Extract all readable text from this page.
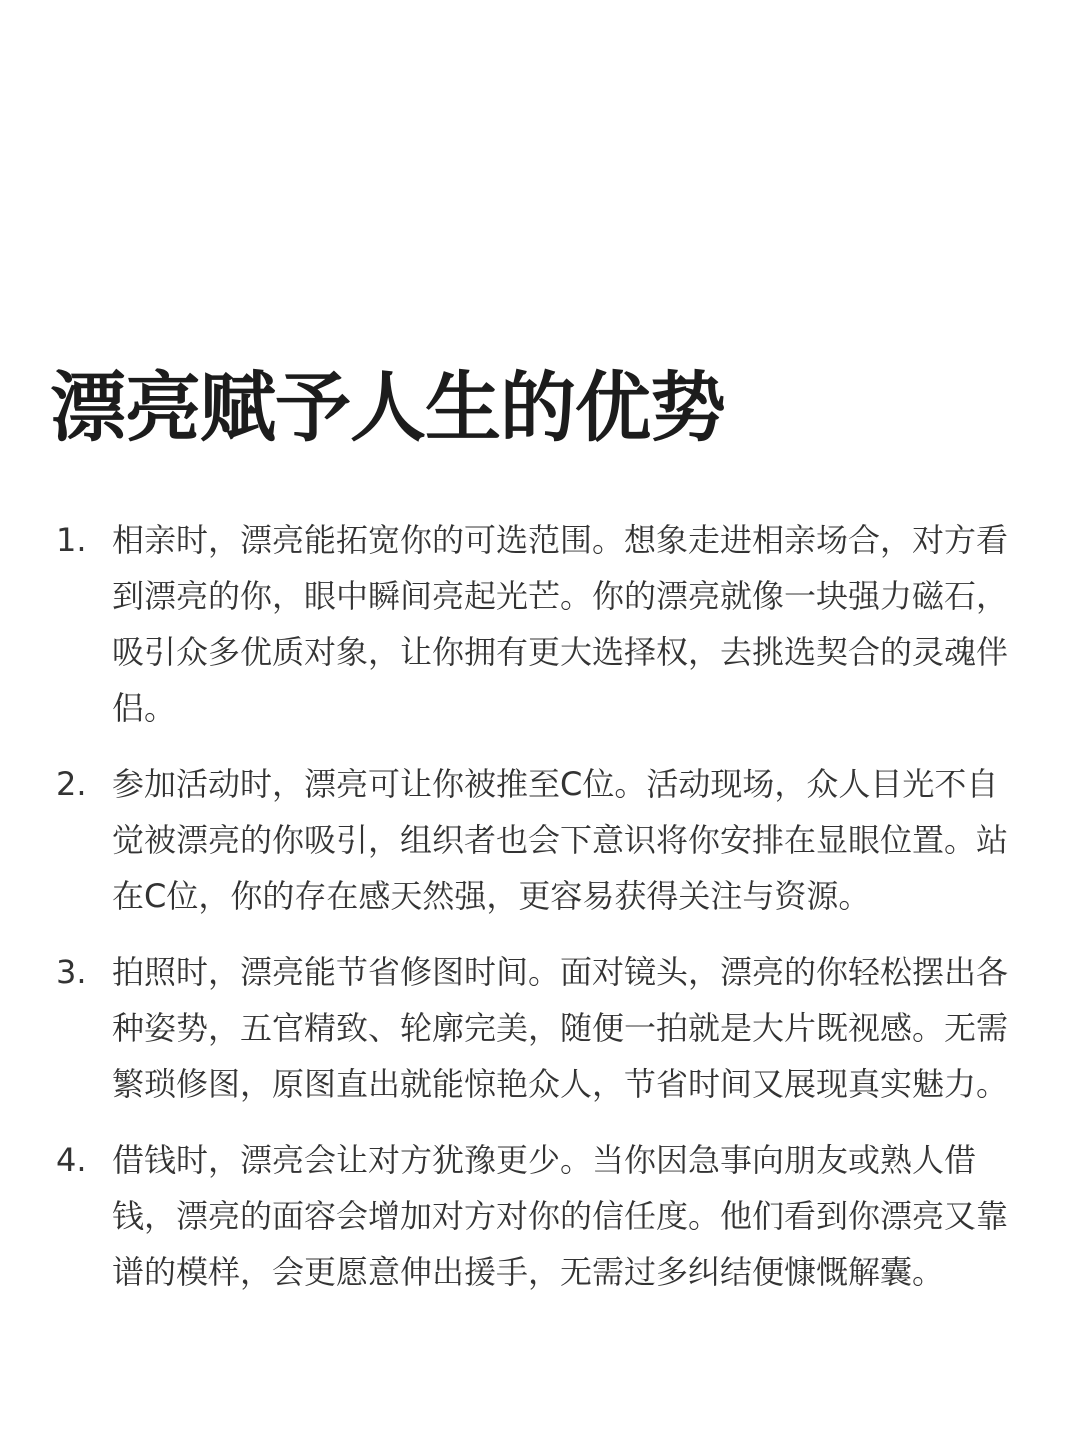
漂亮赋予人生的优势
1. 相亲时，漂亮能拓宽你的可选范围。想象走进相亲场合，对方看到漂亮的你，眼中瞬间亮起光芒。你的漂亮就像一块强力磁石，吸引众多优质对象，让你拥有更大选择权，去挑选契合的灵魂伴侣。
2. 参加活动时，漂亮可让你被推至C位。活动现场，众人目光不自觉被漂亮的你吸引，组织者也会下意识将你安排在显眼位置。站在C位，你的存在感天然强，更容易获得关注与资源。
3. 拍照时，漂亮能节省修图时间。面对镜头，漂亮的你轻松摆出各种姿势，五官精致、轮廓完美，随便一拍就是大片既视感。无需繁琐修图，原图直出就能惊艳众人，节省时间又展现真实魅力。
4. 借钱时，漂亮会让对方犹豫更少。当你因急事向朋友或熟人借钱，漂亮的面容会增加对方对你的信任度。他们看到你漂亮又靠谱的模样，会更愿意伸出援手，无需过多纠结便慷慨解囊。
